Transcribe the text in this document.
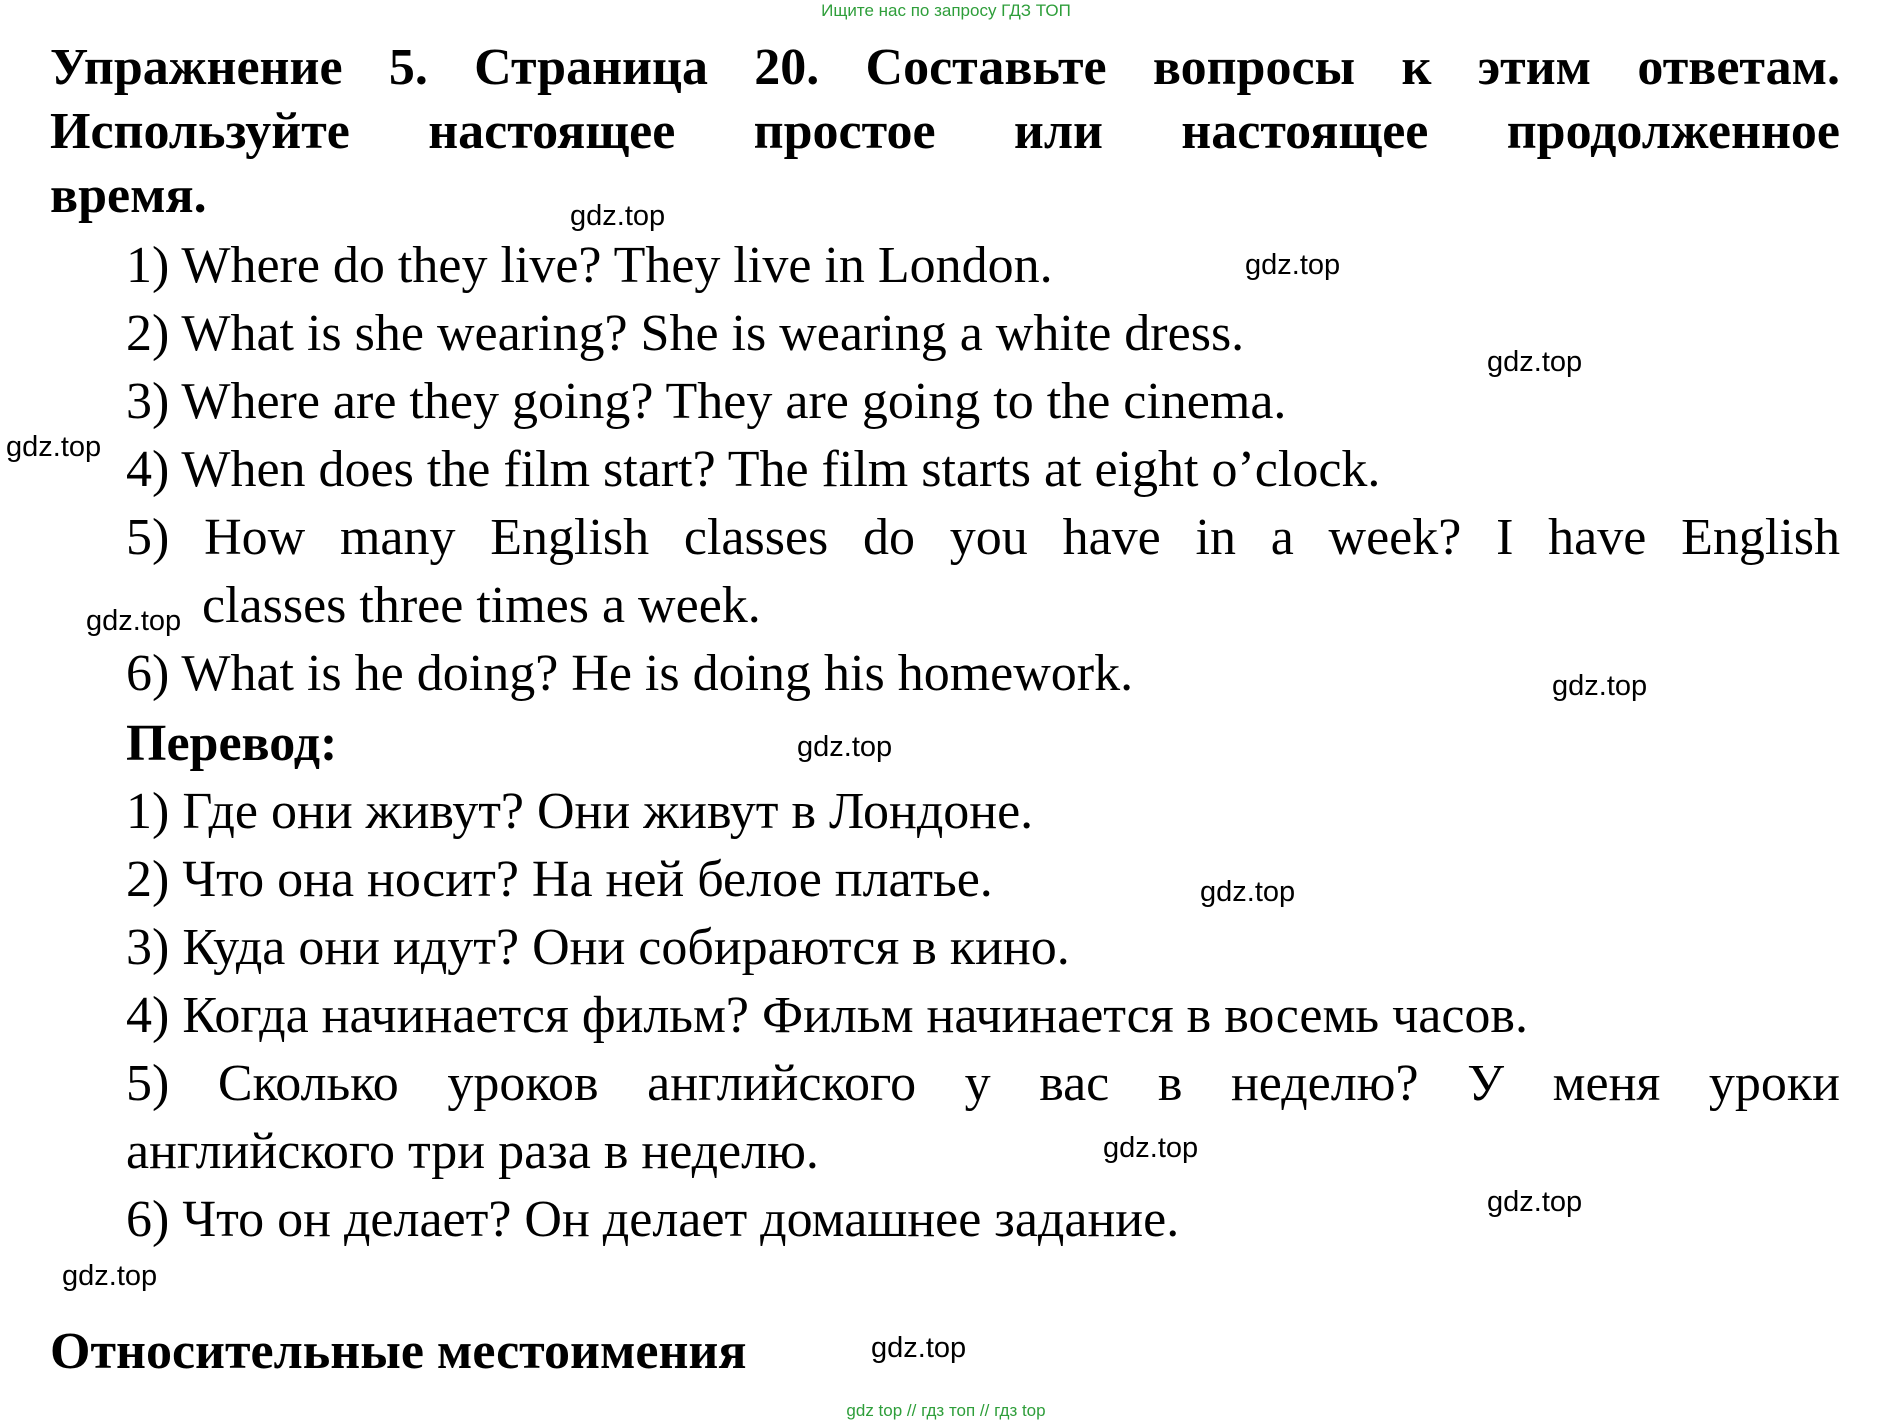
Ищите нас по запросу ГДЗ ТОП
Упражнение 5. Страница 20. Составьте вопросы к этим ответам.
Используйте настоящее простое или настоящее продолженное
время.
1) Where do they live? They live in London.
2) What is she wearing? She is wearing a white dress.
3) Where are they going? They are going to the cinema.
4) When does the film start? The film starts at eight o’clock.
5) How many English classes do you have in a week? I have English
classes three times a week.
6) What is he doing? He is doing his homework.
Перевод:
1) Где они живут? Они живут в Лондоне.
2) Что она носит? На ней белое платье.
3) Куда они идут? Они собираются в кино.
4) Когда начинается фильм? Фильм начинается в восемь часов.
5) Сколько уроков английского у вас в неделю? У меня уроки
английского три раза в неделю.
6) Что он делает? Он делает домашнее задание.
Относительные местоимения
gdz.top
gdz.top
gdz.top
gdz.top
gdz.top
gdz.top
gdz.top
gdz.top
gdz.top
gdz.top
gdz.top
gdz.top
gdz top // гдз топ // гдз top
